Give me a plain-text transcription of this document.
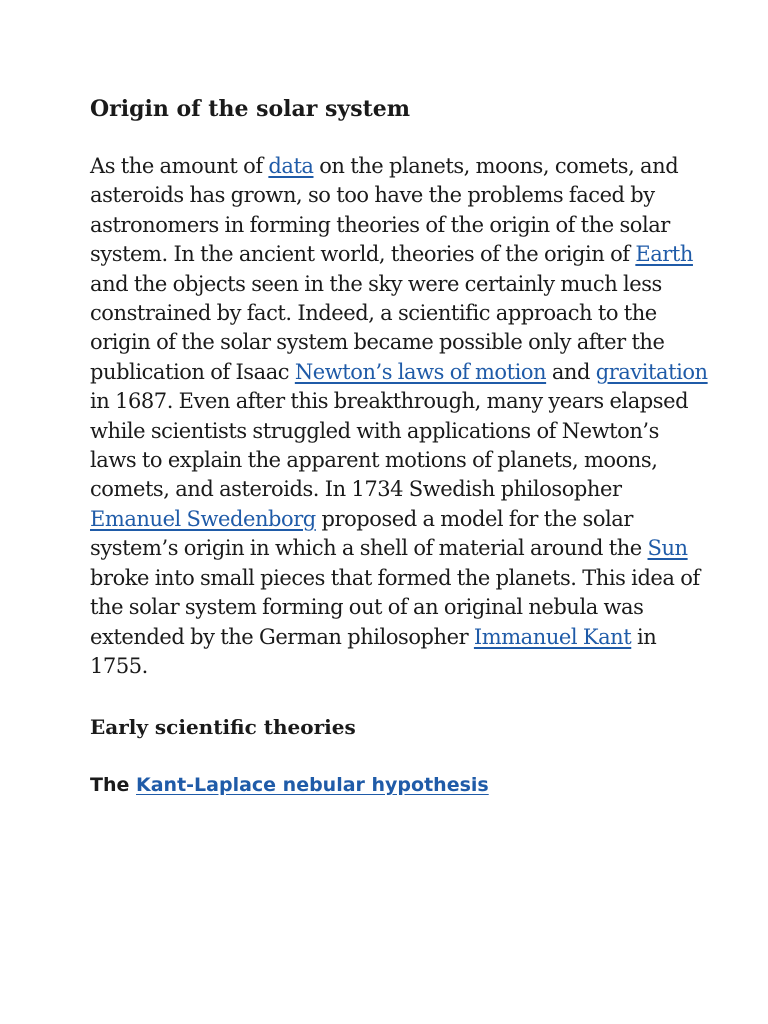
Origin of the solar system

As the amount of data on the planets, moons, comets, and asteroids has grown, so too have the problems faced by astronomers in forming theories of the origin of the solar system. In the ancient world, theories of the origin of Earth and the objects seen in the sky were certainly much less constrained by fact. Indeed, a scientific approach to the origin of the solar system became possible only after the publication of Isaac Newton’s laws of motion and gravitation in 1687. Even after this breakthrough, many years elapsed while scientists struggled with applications of Newton’s laws to explain the apparent motions of planets, moons, comets, and asteroids. In 1734 Swedish philosopher Emanuel Swedenborg proposed a model for the solar system’s origin in which a shell of material around the Sun broke into small pieces that formed the planets. This idea of the solar system forming out of an original nebula was extended by the German philosopher Immanuel Kant in 1755.

Early scientific theories
The Kant-Laplace nebular hypothesis
